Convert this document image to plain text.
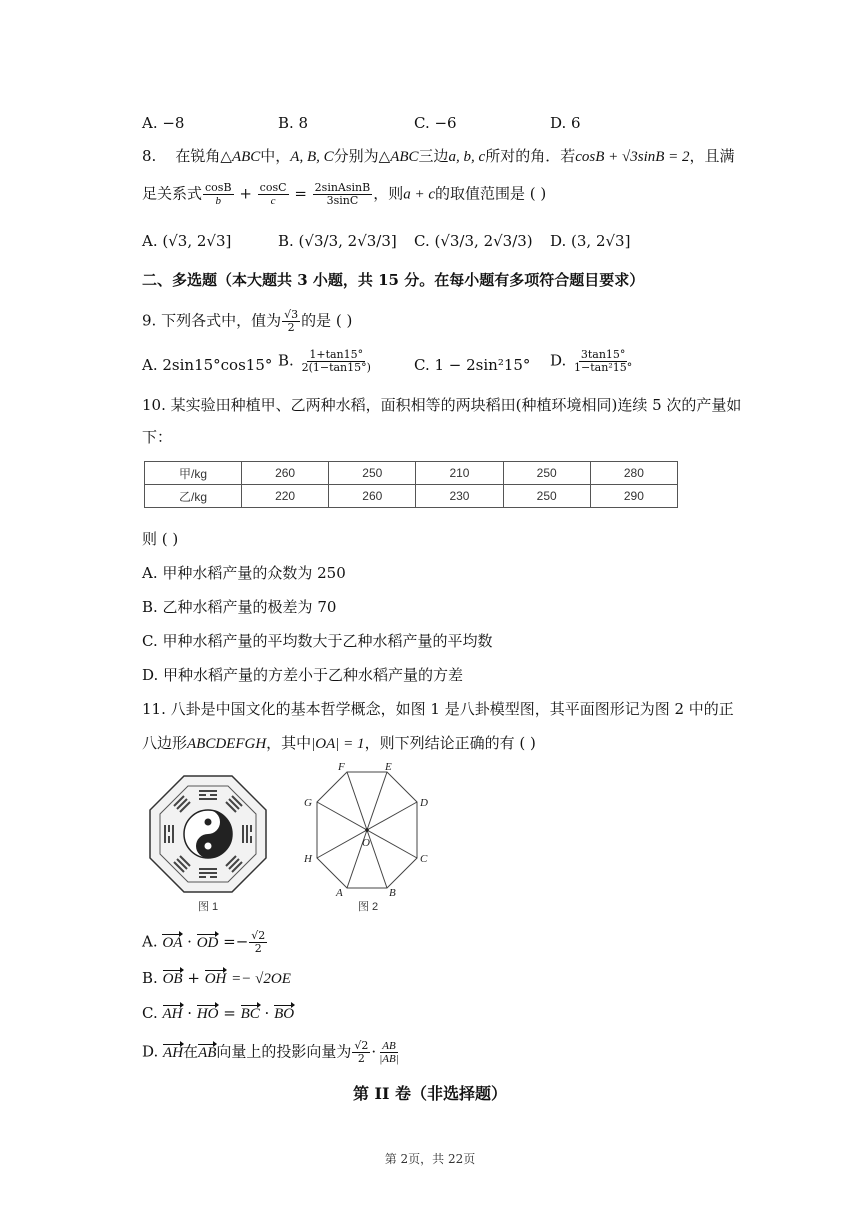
A. −8	B. 8	C. −6	D. 6
8. 在锐角△ABC中，A, B, C分别为△ABC三边a, b, c所对的角．若cosB + √3sinB = 2，且满
足关系式 $\frac{\cos B}{b} + \frac{\cos C}{c} = \frac{\text{2sinAsinB}}{3\sin C}$ ，则a + c的取值范围是 ( )
A. (√3, 2√3]	B. (√3/3, 2√3/3] C. (√3/3, 2√3/3) D. (3, 2√3]
二、多选题（本大题共 3 小题，共 15 分。在每小题有多项符合题目要求）
9. 下列各式中，值为 $\frac{√3}{2}$ 的是 ( )
A. 2sin15°cos15° B. $\frac{1+\tan 15^\circ}{2(1-\tan 15^\circ)}$	C. 1 − 2sin²15° D. $\frac{3\tan 15^\circ}{\text{1−tan²15°}}$
10. 某实验田种植甲、乙两种水稻，面积相等的两块稻田(种植环境相同)连续 5 次的产量如
下：
甲/kg	260	250	210	250	280
乙/kg	220	260	230	250	290
则 ( )
A. 甲种水稻产量的众数为 250
B. 乙种水稻产量的极差为 70
C. 甲种水稻产量的平均数大于乙种水稻产量的平均数
D. 甲种水稻产量的方差小于乙种水稻产量的方差
11. 八卦是中国文化的基本哲学概念，如图 1 是八卦模型图，其平面图形记为图 2 中的正
八边形ABCDEFGH，其中|OA| = 1，则下列结论正确的有 ( )
图 1
A	B
C
D
E
F
G
H
O
图 2
A. OA · OD =− $\frac{√2}{2}$
B. OB + OH =− √2OE
C. AH · HO = BC · BO
D. AH在AB向量上的投影向量为 $\frac{√2}{2} \cdot \frac{AB}{|AB|}$
第 II 卷（非选择题）
第 2页，共 22页
